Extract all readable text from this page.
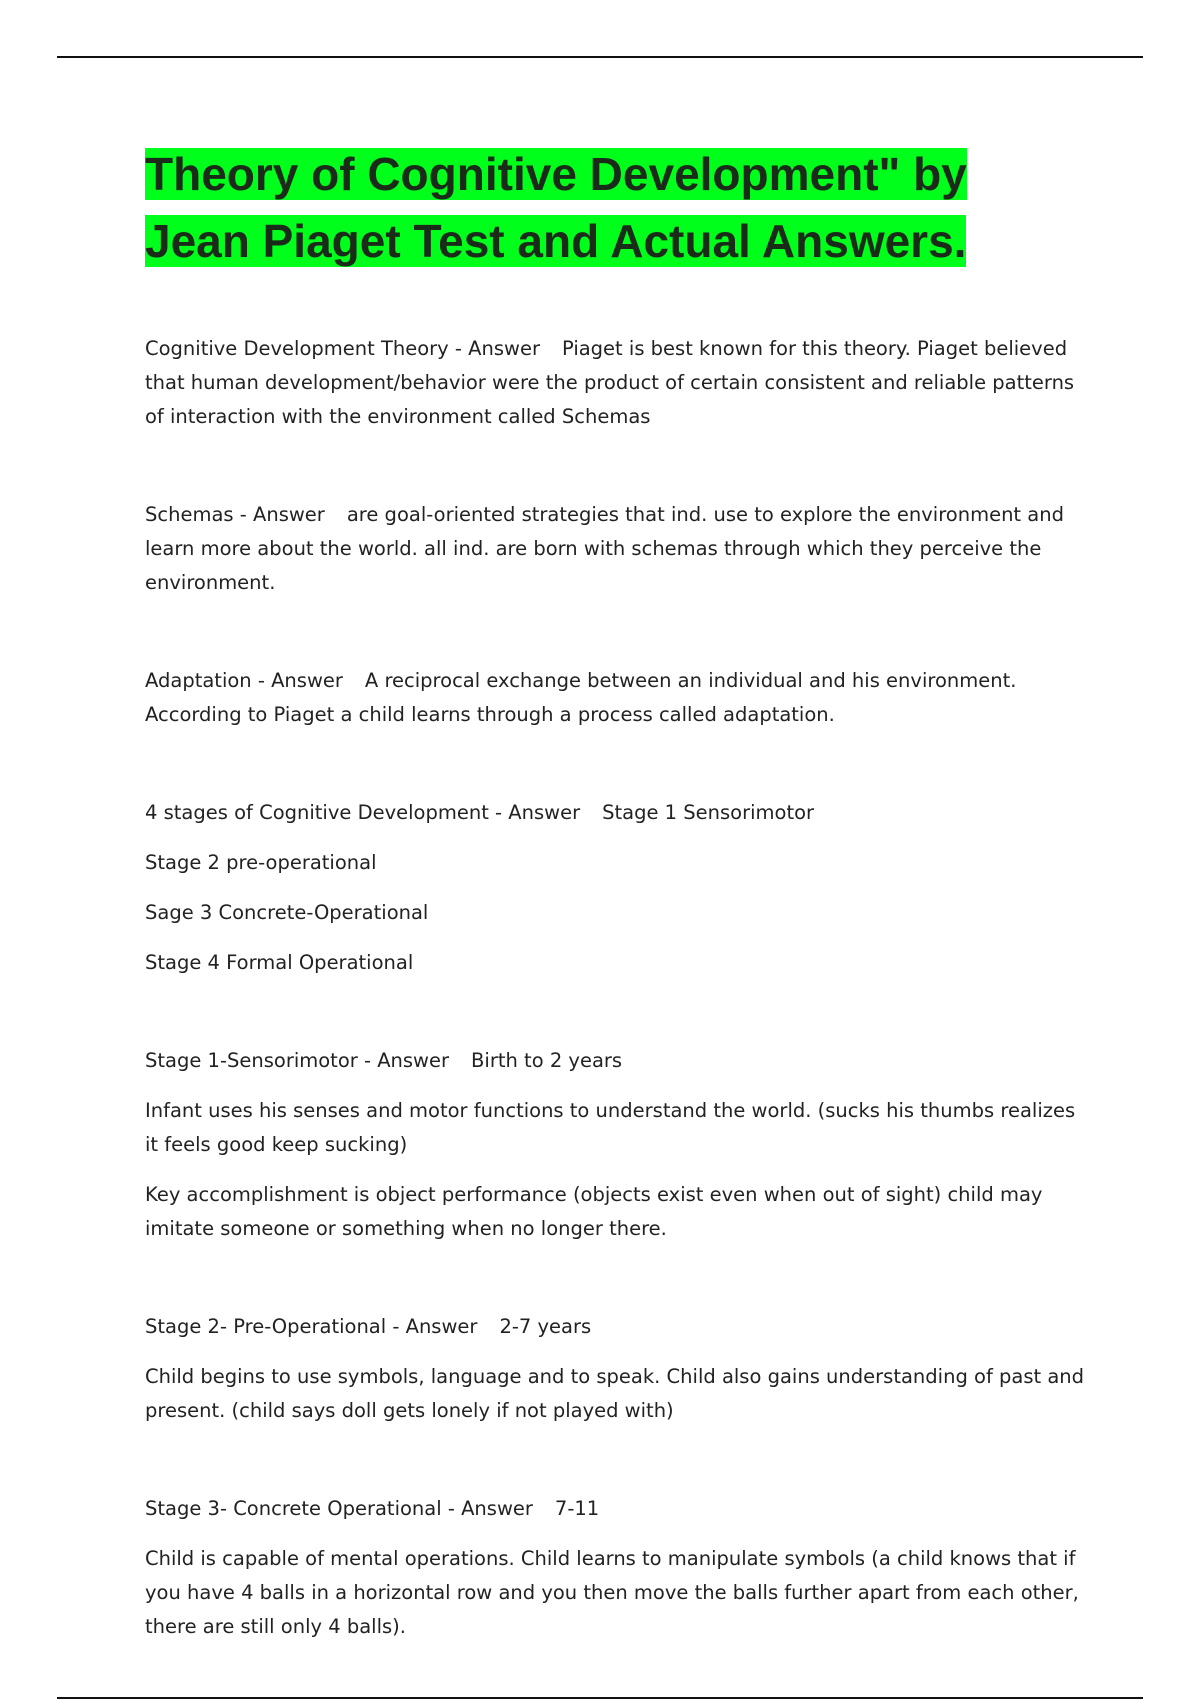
Theory of Cognitive Development" by Jean Piaget Test and Actual Answers.

Cognitive Development Theory - Answer Piaget is best known for this theory. Piaget believed that human development/behavior were the product of certain consistent and reliable patterns of interaction with the environment called Schemas

Schemas - Answer are goal-oriented strategies that ind. use to explore the environment and learn more about the world. all ind. are born with schemas through which they perceive the environment.

Adaptation - Answer A reciprocal exchange between an individual and his environment. According to Piaget a child learns through a process called adaptation.

4 stages of Cognitive Development - Answer Stage 1 Sensorimotor

Stage 2 pre-operational

Sage 3 Concrete-Operational

Stage 4 Formal Operational

Stage 1-Sensorimotor - Answer Birth to 2 years

Infant uses his senses and motor functions to understand the world. (sucks his thumbs realizes it feels good keep sucking)

Key accomplishment is object performance (objects exist even when out of sight) child may imitate someone or something when no longer there.

Stage 2- Pre-Operational - Answer 2-7 years

Child begins to use symbols, language and to speak. Child also gains understanding of past and present. (child says doll gets lonely if not played with)

Stage 3- Concrete Operational - Answer 7-11

Child is capable of mental operations. Child learns to manipulate symbols (a child knows that if you have 4 balls in a horizontal row and you then move the balls further apart from each other, there are still only 4 balls).
